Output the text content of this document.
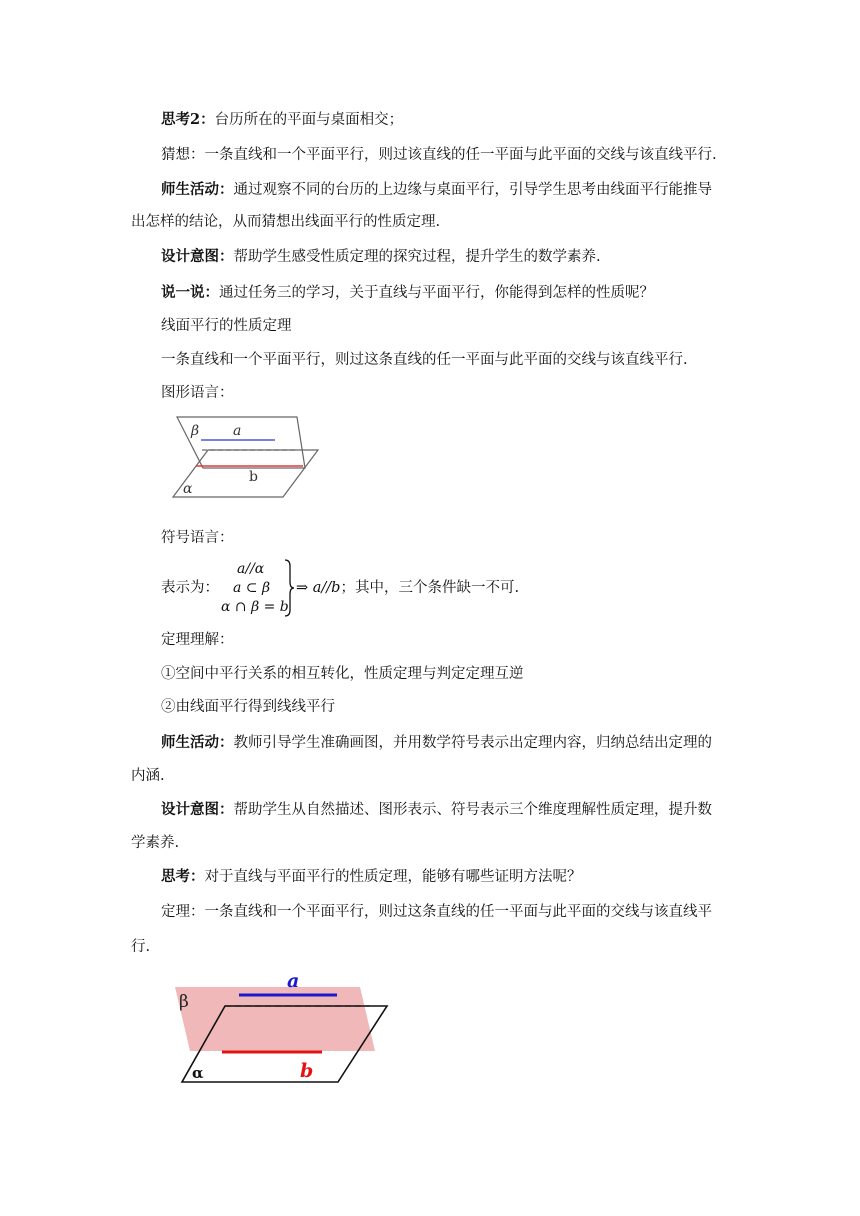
思考2：台历所在的平面与桌面相交；
猜想：一条直线和一个平面平行，则过该直线的任一平面与此平面的交线与该直线平行.
师生活动：通过观察不同的台历的上边缘与桌面平行，引导学生思考由线面平行能推导
出怎样的结论，从而猜想出线面平行的性质定理.
设计意图：帮助学生感受性质定理的探究过程，提升学生的数学素养.
说一说：通过任务三的学习，关于直线与平面平行，你能得到怎样的性质呢？
线面平行的性质定理
一条直线和一个平面平行，则过这条直线的任一平面与此平面的交线与该直线平行.
图形语言：
β a
b
α
符号语言：
表示为：
a//α
a ⊂ β
α ∩ β = b
⇒ a//b；其中，三个条件缺一不可.
定理理解：
①空间中平行关系的相互转化，性质定理与判定定理互逆
②由线面平行得到线线平行
师生活动：教师引导学生准确画图，并用数学符号表示出定理内容，归纳总结出定理的
内涵.
设计意图：帮助学生从自然描述、图形表示、符号表示三个维度理解性质定理，提升数
学素养.
思考：对于直线与平面平行的性质定理，能够有哪些证明方法呢？
定理：一条直线和一个平面平行，则过这条直线的任一平面与此平面的交线与该直线平
行.
β
a
b
α
